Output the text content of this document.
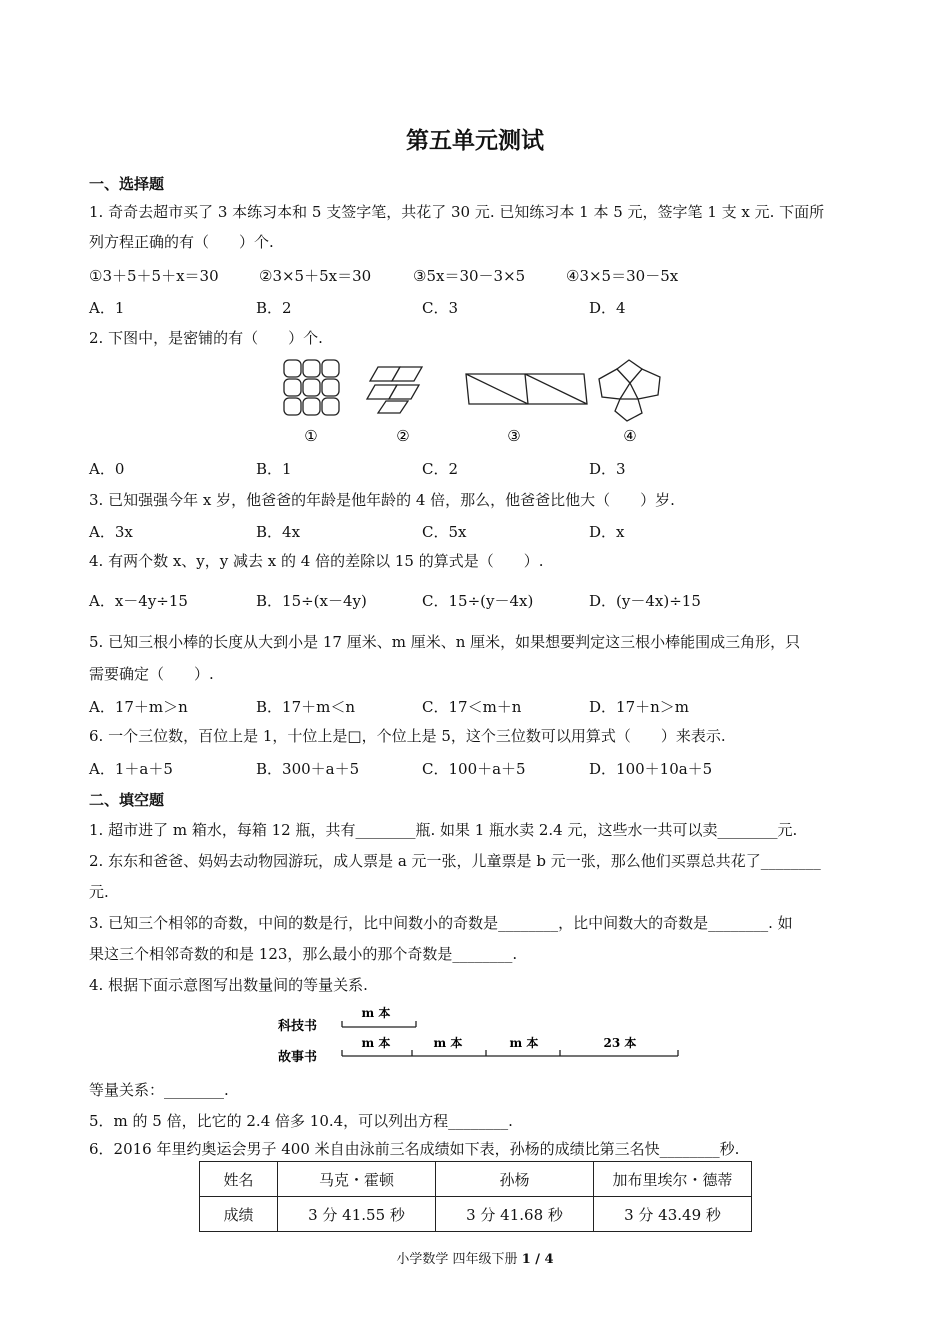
第五单元测试
一、选择题
1. 奇奇去超市买了 3 本练习本和 5 支签字笔，共花了 30 元. 已知练习本 1 本 5 元，签字笔 1 支 x 元. 下面所
列方程正确的有（　　）个.
①3＋5＋5＋x＝30	②3×5＋5x＝30	③5x＝30－3×5	④3×5＝30－5x
A．1	B．2	C．3	D．4
2. 下图中，是密铺的有（　　）个.
①	②	③	④
A．0	B．1	C．2	D．3
3. 已知强强今年 x 岁，他爸爸的年龄是他年龄的 4 倍，那么，他爸爸比他大（　　）岁.
A．3x	B．4x	C．5x	D．x
4. 有两个数 x、y，y 减去 x 的 4 倍的差除以 15 的算式是（　　）.
A．x－4y÷15	B．15÷(x－4y)	C．15÷(y－4x)	D．(y－4x)÷15
5. 已知三根小棒的长度从大到小是 17 厘米、m 厘米、n 厘米，如果想要判定这三根小棒能围成三角形，只
需要确定（　　）.
A．17＋m＞n	B．17＋m＜n	C．17＜m＋n	D．17＋n＞m
6. 一个三位数，百位上是 1，十位上是□，个位上是 5，这个三位数可以用算式（　　）来表示.
A．1＋a＋5	B．300＋a＋5	C．100＋a＋5	D．100＋10a＋5
二、填空题
1. 超市进了 m 箱水，每箱 12 瓶，共有________瓶. 如果 1 瓶水卖 2.4 元，这些水一共可以卖________元.
2. 东东和爸爸、妈妈去动物园游玩，成人票是 a 元一张，儿童票是 b 元一张，那么他们买票总共花了________
元.
3. 已知三个相邻的奇数，中间的数是行，比中间数小的奇数是________，比中间数大的奇数是________. 如
果这三个相邻奇数的和是 123，那么最小的那个奇数是________.
4. 根据下面示意图写出数量间的等量关系.
科技书
故事书
m 本
m 本	m 本	m 本	23 本
等量关系：________.
5．m 的 5 倍，比它的 2.4 倍多 10.4，可以列出方程________.
6．2016 年里约奥运会男子 400 米自由泳前三名成绩如下表，孙杨的成绩比第三名快________秒.
姓名	马克・霍顿	孙杨	加布里埃尔・德蒂
成绩	3 分 41.55 秒	3 分 41.68 秒	3 分 43.49 秒
小学数学 四年级下册 1 / 4
